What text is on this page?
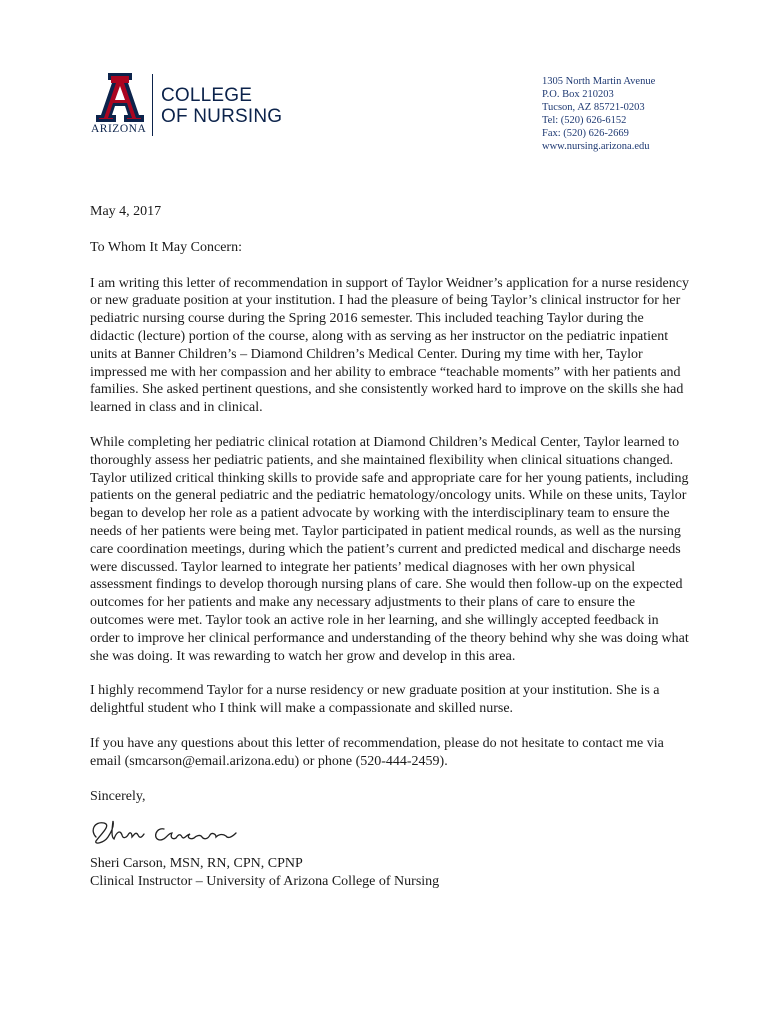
ARIZONA
COLLEGE
OF NURSING
1305 North Martin Avenue
P.O. Box 210203
Tucson, AZ 85721-0203
Tel: (520) 626-6152
Fax: (520) 626-2669
www.nursing.arizona.edu

May 4, 2017

To Whom It May Concern:

I am writing this letter of recommendation in support of Taylor Weidner’s application for a nurse residency or new graduate position at your institution. I had the pleasure of being Taylor’s clinical instructor for her pediatric nursing course during the Spring 2016 semester. This included teaching Taylor during the didactic (lecture) portion of the course, along with as serving as her instructor on the pediatric inpatient units at Banner Children’s – Diamond Children’s Medical Center. During my time with her, Taylor impressed me with her compassion and her ability to embrace “teachable moments” with her patients and families. She asked pertinent questions, and she consistently worked hard to improve on the skills she had learned in class and in clinical.

While completing her pediatric clinical rotation at Diamond Children’s Medical Center, Taylor learned to thoroughly assess her pediatric patients, and she maintained flexibility when clinical situations changed. Taylor utilized critical thinking skills to provide safe and appropriate care for her young patients, including patients on the general pediatric and the pediatric hematology/oncology units. While on these units, Taylor began to develop her role as a patient advocate by working with the interdisciplinary team to ensure the needs of her patients were being met. Taylor participated in patient medical rounds, as well as the nursing care coordination meetings, during which the patient’s current and predicted medical and discharge needs were discussed. Taylor learned to integrate her patients’ medical diagnoses with her own physical assessment findings to develop thorough nursing plans of care. She would then follow-up on the expected outcomes for her patients and make any necessary adjustments to their plans of care to ensure the outcomes were met. Taylor took an active role in her learning, and she willingly accepted feedback in order to improve her clinical performance and understanding of the theory behind why she was doing what she was doing. It was rewarding to watch her grow and develop in this area.

I highly recommend Taylor for a nurse residency or new graduate position at your institution. She is a delightful student who I think will make a compassionate and skilled nurse.

If you have any questions about this letter of recommendation, please do not hesitate to contact me via email (smcarson@email.arizona.edu) or phone (520-444-2459).

Sincerely,

Sheri Carson, MSN, RN, CPN, CPNP

Clinical Instructor – University of Arizona College of Nursing
